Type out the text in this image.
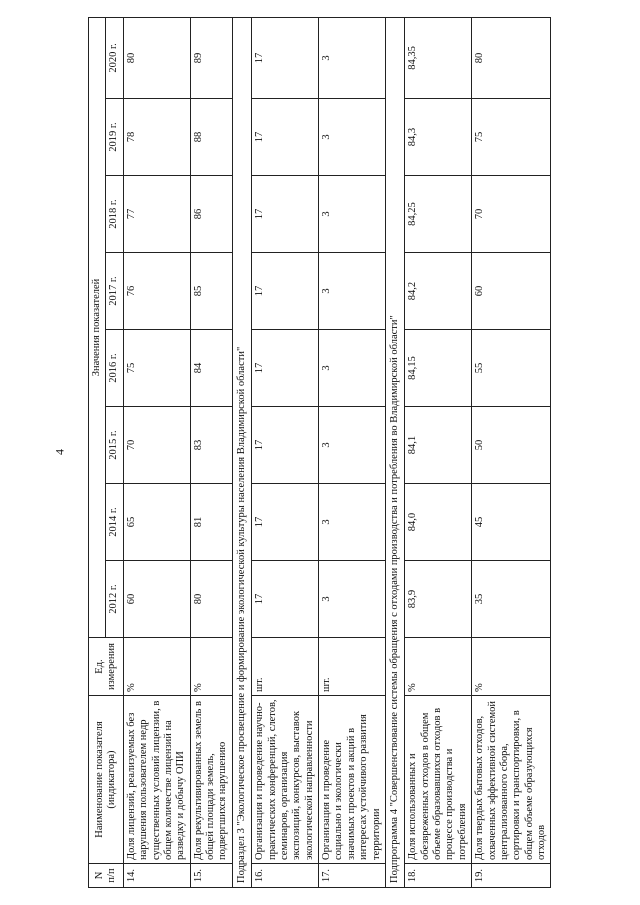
4
N п/п	Наименование показателя (индикатора)	Ед. измерения	Значения показателей							
			2012 г.	2014 г.	2015 г.	2016 г.	2017 г.	2018 г.	2019 г.	2020 г.
14.	Доля лицензий, реализуемых без нарушения пользователем недр существенных условий лицензии, в общем количестве лицензий на разведку и добычу ОПИ	%	60	65	70	75	76	77	78	80
15.	Доля рекультивированных земель в общей площади земель, подвергшихся нарушению	%	80	81	83	84	85	86	88	89
Подраздел 3 "Экологическое просвещение и формирование экологической культуры населения Владимирской области"										
16.	Организация и проведение научно-практических конференций, слетов, семинаров, организация экспозиций, конкурсов, выставок экологической направленности	шт.	17	17	17	17	17	17	17	17
17.	Организация и проведение социально и экологически значимых проектов и акций в интересах устойчивого развития территории	шт.	3	3	3	3	3	3	3	3
Подпрограмма 4 "Совершенствование системы обращения с отходами производства и потребления во Владимирской области"										
18.	Доля использованных и обезвреженных отходов в общем объеме образовавшихся отходов в процессе производства и потребления	%	83,9	84,0	84,1	84,15	84,2	84,25	84,3	84,35
19.	Доля твердых бытовых отходов, охваченных эффективной системой централизованного сбора, сортировки и транспортировки, в общем объеме образующихся отходов	%	35	45	50	55	60	70	75	80
